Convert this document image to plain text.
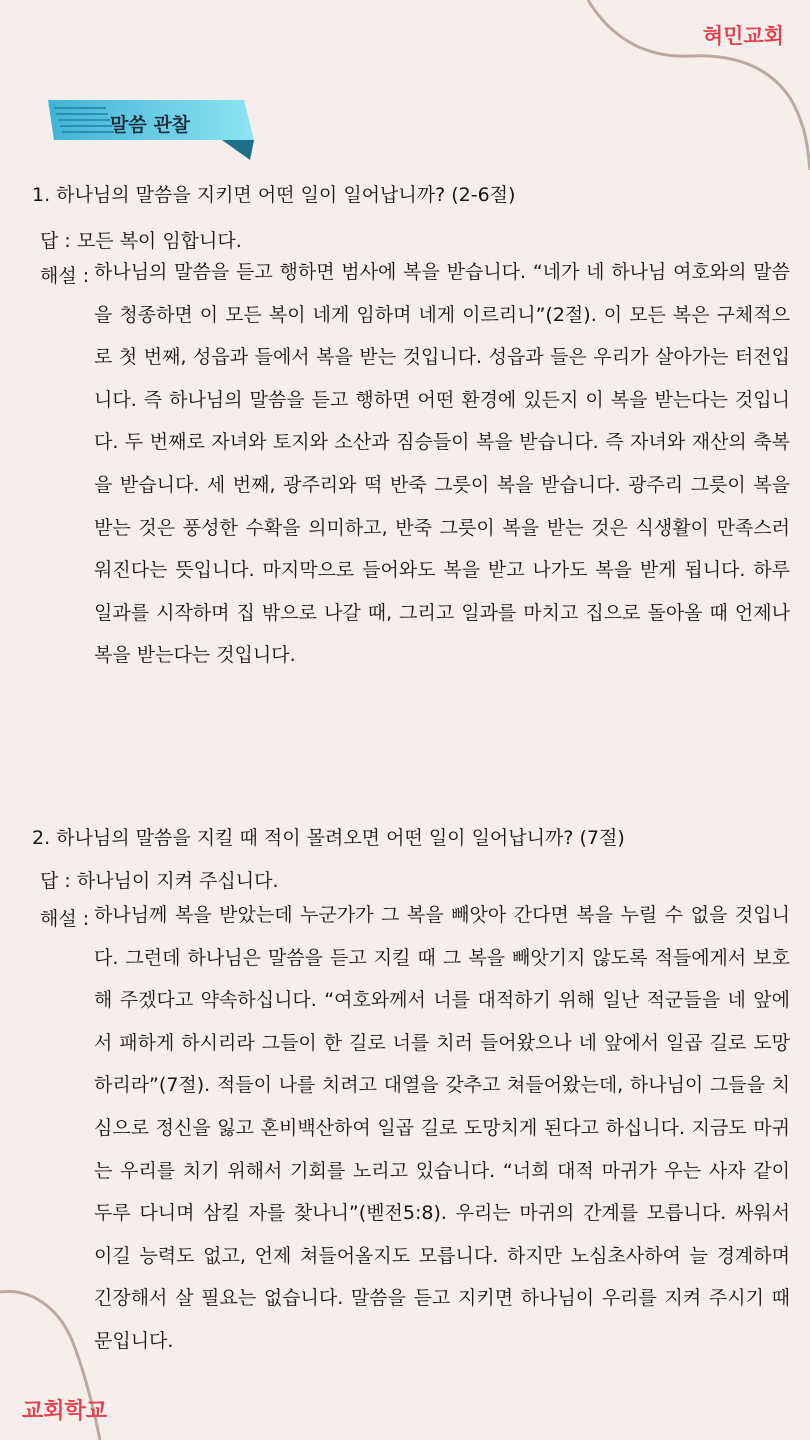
혀민교회
말씀 관찰
1. 하나님의 말씀을 지키면 어떤 일이 일어납니까? (2-6절)
답 : 모든 복이 임합니다.
해설 : 하나님의 말씀을 듣고 행하면 범사에 복을 받습니다. “네가 네 하나님 여호와의 말씀을 청종하면 이 모든 복이 네게 임하며 네게 이르리니”(2절). 이 모든 복은 구체적으로 첫 번째, 성읍과 들에서 복을 받는 것입니다. 성읍과 들은 우리가 살아가는 터전입니다. 즉 하나님의 말씀을 듣고 행하면 어떤 환경에 있든지 이 복을 받는다는 것입니다. 두 번째로 자녀와 토지와 소산과 짐승들이 복을 받습니다. 즉 자녀와 재산의 축복을 받습니다. 세 번째, 광주리와 떡 반죽 그릇이 복을 받습니다. 광주리 그릇이 복을 받는 것은 풍성한 수확을 의미하고, 반죽 그릇이 복을 받는 것은 식생활이 만족스러워진다는 뜻입니다. 마지막으로 들어와도 복을 받고 나가도 복을 받게 됩니다. 하루 일과를 시작하며 집 밖으로 나갈 때, 그리고 일과를 마치고 집으로 돌아올 때 언제나 복을 받는다는 것입니다.
2. 하나님의 말씀을 지킬 때 적이 몰려오면 어떤 일이 일어납니까? (7절)
답 : 하나님이 지켜 주십니다.
해설 : 하나님께 복을 받았는데 누군가가 그 복을 빼앗아 간다면 복을 누릴 수 없을 것입니다. 그런데 하나님은 말씀을 듣고 지킬 때 그 복을 빼앗기지 않도록 적들에게서 보호해 주겠다고 약속하십니다. “여호와께서 너를 대적하기 위해 일난 적군들을 네 앞에서 패하게 하시리라 그들이 한 길로 너를 치러 들어왔으나 네 앞에서 일곱 길로 도망하리라”(7절). 적들이 나를 치려고 대열을 갖추고 쳐들어왔는데, 하나님이 그들을 치심으로 정신을 잃고 혼비백산하여 일곱 길로 도망치게 된다고 하십니다. 지금도 마귀는 우리를 치기 위해서 기회를 노리고 있습니다. “너희 대적 마귀가 우는 사자 같이 두루 다니며 삼킬 자를 찾나니”(벧전5:8). 우리는 마귀의 간계를 모릅니다. 싸워서 이길 능력도 없고, 언제 쳐들어올지도 모릅니다. 하지만 노심초사하여 늘 경계하며 긴장해서 살 필요는 없습니다. 말씀을 듣고 지키면 하나님이 우리를 지켜 주시기 때문입니다.
교회학교
